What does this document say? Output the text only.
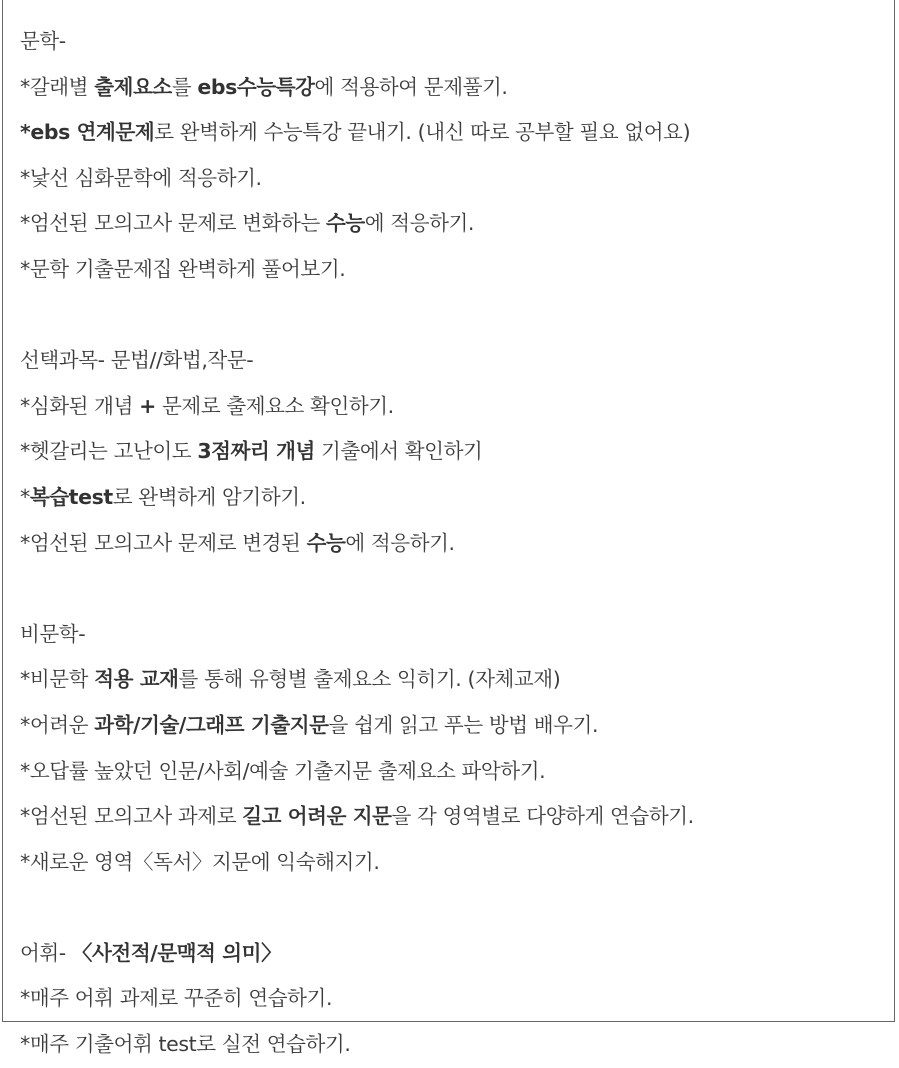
문학-
*갈래별 출제요소를 ebs수능특강에 적용하여 문제풀기.
*ebs 연계문제로 완벽하게 수능특강 끝내기. (내신 따로 공부할 필요 없어요)
*낯선 심화문학에 적응하기.
*엄선된 모의고사 문제로 변화하는 수능에 적응하기.
*문학 기출문제집 완벽하게 풀어보기.
선택과목- 문법//화법,작문-
*심화된 개념 + 문제로 출제요소 확인하기.
*헷갈리는 고난이도 3점짜리 개념 기출에서 확인하기
*복습test로 완벽하게 암기하기.
*엄선된 모의고사 문제로 변경된 수능에 적응하기.
비문학-
*비문학 적용 교재를 통해 유형별 출제요소 익히기. (자체교재)
*어려운 과학/기술/그래프 기출지문을 쉽게 읽고 푸는 방법 배우기.
*오답률 높았던 인문/사회/예술 기출지문 출제요소 파악하기.
*엄선된 모의고사 과제로 길고 어려운 지문을 각 영역별로 다양하게 연습하기.
*새로운 영역〈독서〉지문에 익숙해지기.
어휘- 〈사전적/문맥적 의미〉
*매주 어휘 과제로 꾸준히 연습하기.
*매주 기출어휘 test로 실전 연습하기.
